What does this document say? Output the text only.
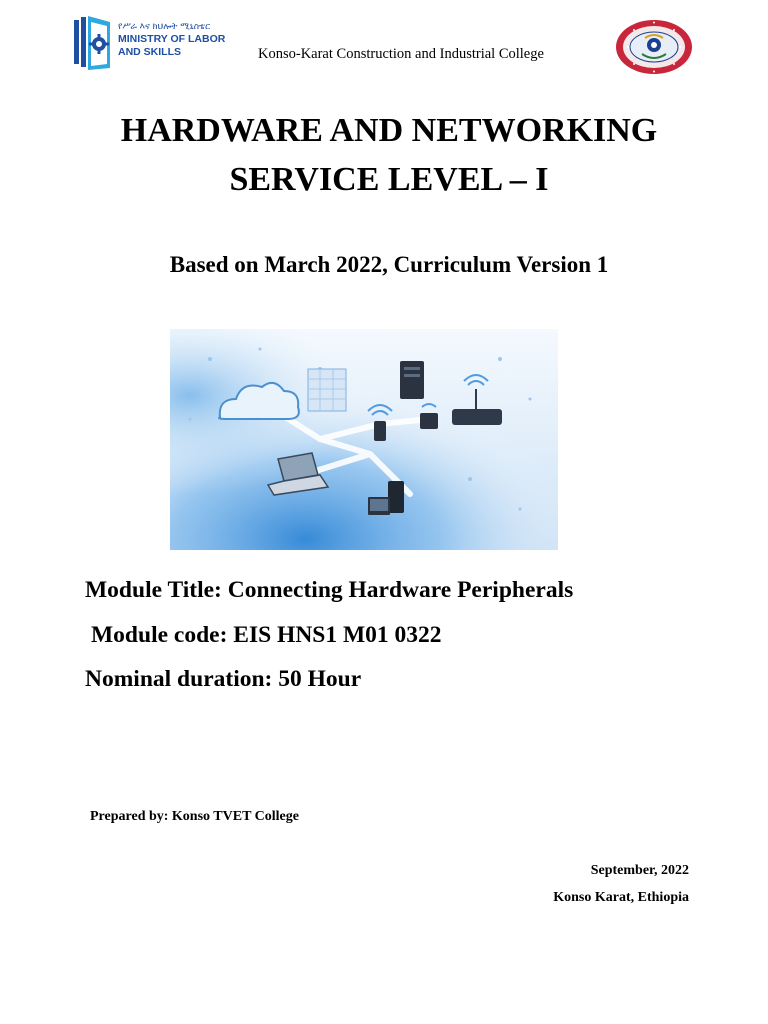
የሥራ እና ክህሎት ሚኒስቴር
MINISTRY OF LABOR
AND SKILLS	Konso-Karat Construction and Industrial College
HARDWARE AND NETWORKING
SERVICE LEVEL – I
Based on March 2022, Curriculum Version 1
Module Title: Connecting Hardware Peripherals
Module code: EIS HNS1 M01 0322
Nominal duration: 50 Hour
Prepared by: Konso TVET College
September, 2022
Konso Karat, Ethiopia
